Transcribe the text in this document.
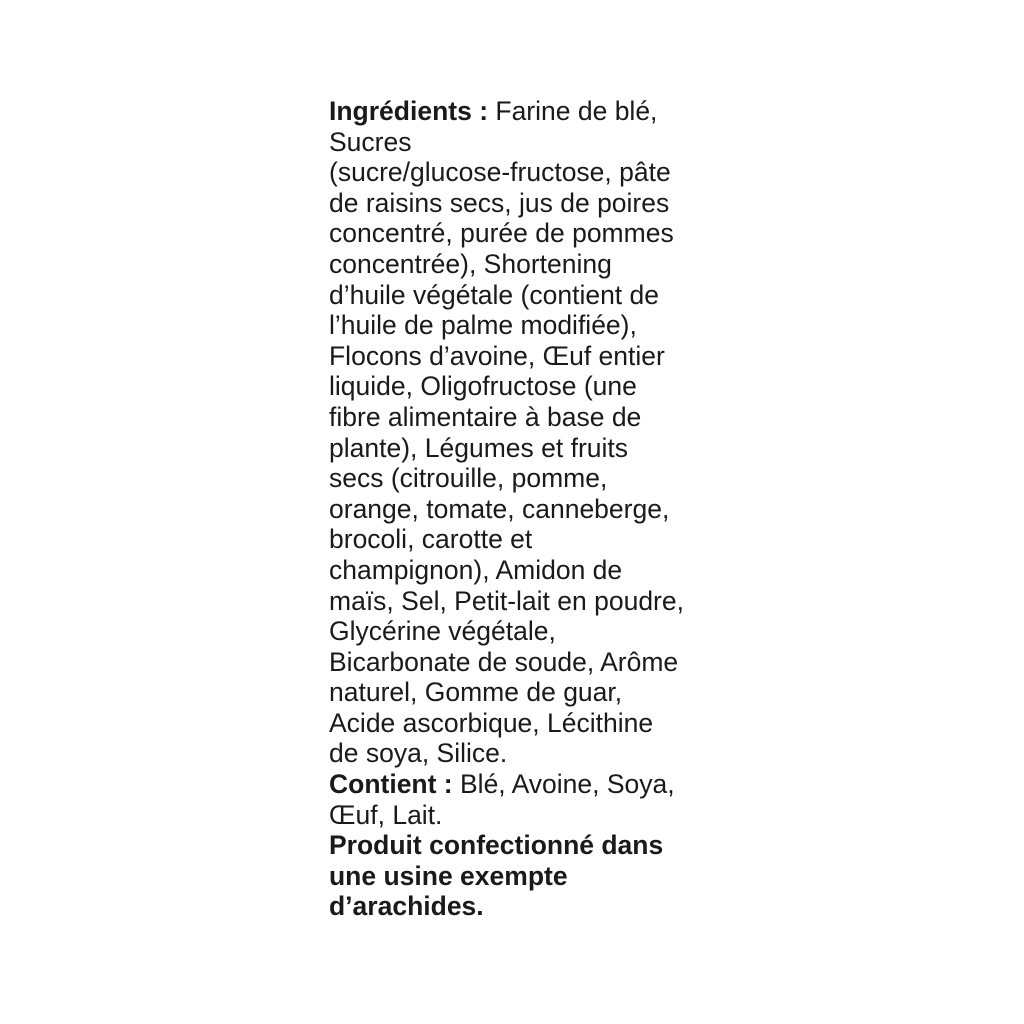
Ingrédients : Farine de blé,
Sucres
(sucre/glucose-fructose, pâte
de raisins secs, jus de poires
concentré, purée de pommes
concentrée), Shortening
d’huile végétale (contient de
l’huile de palme modifiée),
Flocons d’avoine, Œuf entier
liquide, Oligofructose (une
fibre alimentaire à base de
plante), Légumes et fruits
secs (citrouille, pomme,
orange, tomate, canneberge,
brocoli, carotte et
champignon), Amidon de
maïs, Sel, Petit-lait en poudre,
Glycérine végétale,
Bicarbonate de soude, Arôme
naturel, Gomme de guar,
Acide ascorbique, Lécithine
de soya, Silice.
Contient : Blé, Avoine, Soya,
Œuf, Lait.
Produit confectionné dans
une usine exempte
d’arachides.
